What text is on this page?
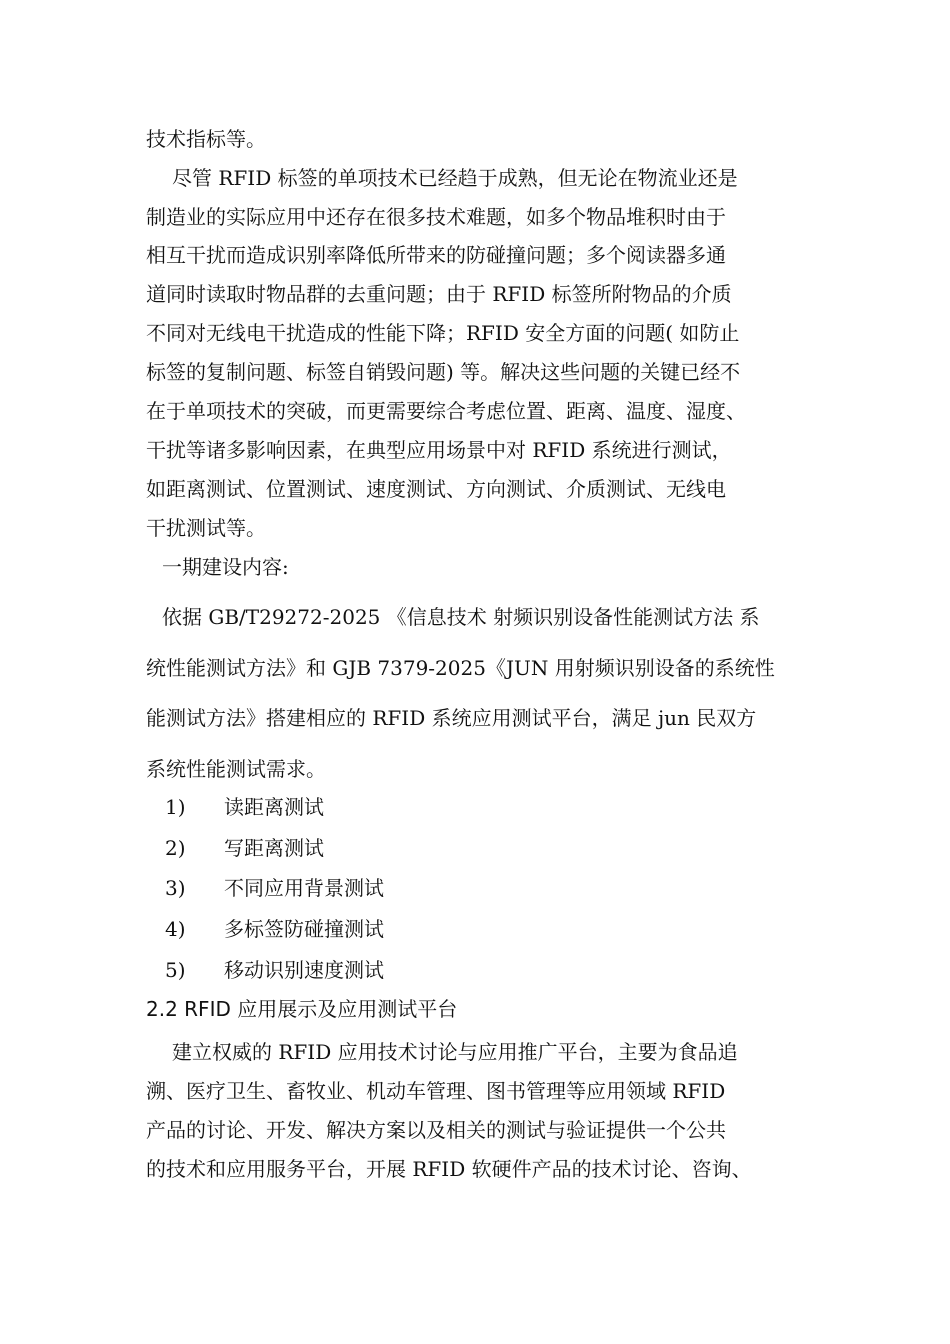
技术指标等。
尽管 RFID 标签的单项技术已经趋于成熟，但无论在物流业还是
制造业的实际应用中还存在很多技术难题，如多个物品堆积时由于
相互干扰而造成识别率降低所带来的防碰撞问题；多个阅读器多通
道同时读取时物品群的去重问题；由于 RFID 标签所附物品的介质
不同对无线电干扰造成的性能下降；RFID 安全方面的问题( 如防止
标签的复制问题、标签自销毁问题) 等。解决这些问题的关键已经不
在于单项技术的突破，而更需要综合考虑位置、距离、温度、湿度、
干扰等诸多影响因素，在典型应用场景中对 RFID 系统进行测试，
如距离测试、位置测试、速度测试、方向测试、介质测试、无线电
干扰测试等。
一期建设内容:
依据 GB/T29272-2025 《信息技术 射频识别设备性能测试方法 系
统性能测试方法》和 GJB 7379-2025《JUN 用射频识别设备的系统性
能测试方法》搭建相应的 RFID 系统应用测试平台，满足 jun 民双方
系统性能测试需求。
1) 读距离测试
2) 写距离测试
3) 不同应用背景测试
4) 多标签防碰撞测试
5) 移动识别速度测试
2.2 RFID 应用展示及应用测试平台
建立权威的 RFID 应用技术讨论与应用推广平台，主要为食品追
溯、医疗卫生、畜牧业、机动车管理、图书管理等应用领域 RFID
产品的讨论、开发、解决方案以及相关的测试与验证提供一个公共
的技术和应用服务平台，开展 RFID 软硬件产品的技术讨论、咨询、
